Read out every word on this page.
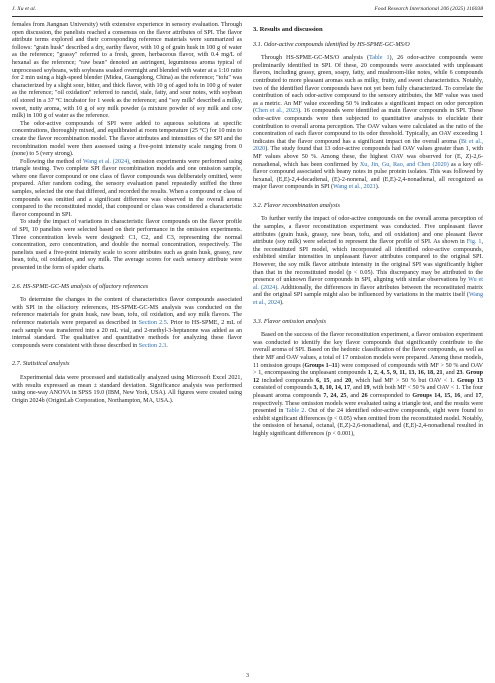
J. Xu et al.	Food Research International 206 (2025) 116038

females from Jiangnan University) with extensive experience in sensory evaluation. Through open discussion, the panelists reached a consensus on the flavor attributes of SPI. The flavor attribute terms explored and their corresponding reference materials were summarized as follows: "grain husk" described a dry, earthy flavor, with 10 g of grain husk in 100 g of water as the reference; "grassy" referred to a fresh, green, herbaceous flavor, with 0.4 mg/L of hexanal as the reference; "raw bean" denoted an astringent, leguminous aroma typical of unprocessed soybeans, with soybeans soaked overnight and blended with water at a 1:10 ratio for 2 min using a high-speed blender (Midea, Guangdong, China) as the reference; "tofu" was characterized by a slight sour, bitter, and thick flavor, with 10 g of aged tofu in 100 g of water as the reference; "oil oxidation" referred to rancid, stale, fatty, and sour notes, with soybean oil stored in a 37 °C incubator for 1 week as the reference; and "soy milk" described a milky, sweet, nutty aroma, with 10 g of soy milk powder (a mixture powder of soy milk and cow milk) in 100 g of water as the reference.

The odor-active compounds of SPI were added to aqueous solutions at specific concentrations, thoroughly mixed, and equilibrated at room temperature (25 °C) for 10 min to create the flavor recombination model. The flavor attributes and intensities of the SPI and the recombination model were then assessed using a five-point intensity scale ranging from 0 (none) to 5 (very strong).

Following the method of Wang et al. (2024), omission experiments were performed using triangle testing. Two complete SPI flavor recombination models and one omission sample, where one flavor compound or one class of flavor compounds was deliberately omitted, were prepared. After random coding, the sensory evaluation panel repeatedly sniffed the three samples, selected the one that differed, and recorded the results. When a compound or class of compounds was omitted and a significant difference was observed in the overall aroma compared to the reconstituted model, that compound or class was considered a characteristic flavor compound in SPI.

To study the impact of variations in characteristic flavor compounds on the flavor profile of SPI, 10 panelists were selected based on their performance in the omission experiments. Three concentration levels were designed: C1, C2, and C3, representing the normal concentration, zero concentration, and double the normal concentration, respectively. The panelists used a five-point intensity scale to score attributes such as grain husk, grassy, raw bean, tofu, oil oxidation, and soy milk. The average scores for each sensory attribute were presented in the form of spider charts.

2.6. HS-SPME-GC-MS analysis of olfactory references

To determine the changes in the content of characteristics flavor compounds associated with SPI in the olfactory references, HS-SPME-GC-MS analysis was conducted on the reference materials for grain husk, raw bean, tofu, oil oxidation, and soy milk flavors. The reference materials were prepared as described in Section 2.5. Prior to HS-SPME, 2 mL of each sample was transferred into a 20 mL vial, and 2-methyl-3-heptanone was added as an internal standard. The qualitative and quantitative methods for analyzing these flavor compounds were consistent with those described in Section 2.3.

2.7. Statistical analysis

Experimental data were processed and statistically analyzed using Microsoft Excel 2021, with results expressed as mean ± standard deviation. Significance analysis was performed using one-way ANOVA in SPSS 19.0 (IBM, New York, USA). All figures were created using Origin 2024b (OriginLab Corporation, Northampton, MA, USA.).

3. Results and discussion
3.1. Odor-active compounds identified by HS-SPME-GC-MS/O

Through HS-SPME-GC-MS/O analysis (Table 1), 26 odor-active compounds were preliminarily identified in SPI. Of these, 20 compounds were associated with unpleasant flavors, including grassy, green, soapy, fatty, and mushroom-like notes, while 6 compounds contributed to more pleasant aromas such as milky, fruity, and sweet characteristics. Notably, two of the identified flavor compounds have not yet been fully characterized. To correlate the contribution of each odor-active compound to the sensory attributes, the MF value was used as a metric. An MF value exceeding 50 % indicates a significant impact on odor perception (Chen et al., 2023). 16 compounds were identified as main flavor compounds in SPI. These odor-active compounds were then subjected to quantitative analysis to elucidate their contribution to overall aroma perception. The OAV values were calculated as the ratio of the concentration of each flavor compound to its odor threshold. Typically, an OAV exceeding 1 indicates that the flavor compound has a significant impact on the overall aroma (Bi et al., 2020). The study found that 13 odor-active compounds had OAV values greater than 1, with MF values above 50 %. Among these, the highest OAV was observed for (E, Z)-2,6-nonadienal, which has been confirmed by Xu, Jin, Gu, Rao, and Chen (2020) as a key off-flavor compound associated with beany notes in pulse protein isolates. This was followed by hexanal, (E,E)-2,4-decadienal, (E)-2-nonenal, and (E,E)-2,4-nonadienal, all recognized as major flavor compounds in SPI (Wang et al., 2021).

3.2. Flavor recombination analysis

To further verify the impact of odor-active compounds on the overall aroma perception of the samples, a flavor reconstitution experiment was conducted. Five unpleasant flavor attributes (grain husk, grassy, raw bean, tofu, and oil oxidation) and one pleasant flavor attribute (soy milk) were selected to represent the flavor profile of SPI. As shown in Fig. 1, the reconstituted SPI model, which incorporated all identified odor-active compounds, exhibited similar intensities in unpleasant flavor attributes compared to the original SPI. However, the soy milk flavor attribute intensity in the original SPI was significantly higher than that in the reconstituted model (p < 0.05). This discrepancy may be attributed to the presence of unknown flavor compounds in SPI, aligning with similar observations by Wu et al. (2024). Additionally, the differences in flavor attributes between the reconstituted matrix and the original SPI sample might also be influenced by variations in the matrix itself (Wang et al., 2024).

3.3. Flavor omission analysis

Based on the success of the flavor reconstitution experiment, a flavor omission experiment was conducted to identify the key flavor compounds that significantly contribute to the overall aroma of SPI. Based on the hedonic classification of the flavor compounds, as well as their MF and OAV values, a total of 17 omission models were prepared. Among these models, 11 omission groups (Groups 1–11) were composed of compounds with MF > 50 % and OAV > 1, encompassing the unpleasant compounds 1, 2, 4, 5, 9, 11, 13, 16, 18, 21, and 23. Group 12 included compounds 6, 15, and 20, which had MF > 50 % but OAV < 1. Group 13 consisted of compounds 3, 8, 10, 14, 17, and 19, with both MF < 50 % and OAV < 1. The four pleasant aroma compounds 7, 24, 25, and 26 corresponded to Groups 14, 15, 16, and 17, respectively. These omission models were evaluated using a triangle test, and the results were presented in Table 2. Out of the 24 identified odor-active compounds, eight were found to exhibit significant differences (p < 0.05) when omitted from the reconstituted model. Notably, the omission of hexanal, octanal, (E,Z)-2,6-nonadienal, and (E,E)-2,4-nonadienal resulted in highly significant differences (p < 0.001),

3
